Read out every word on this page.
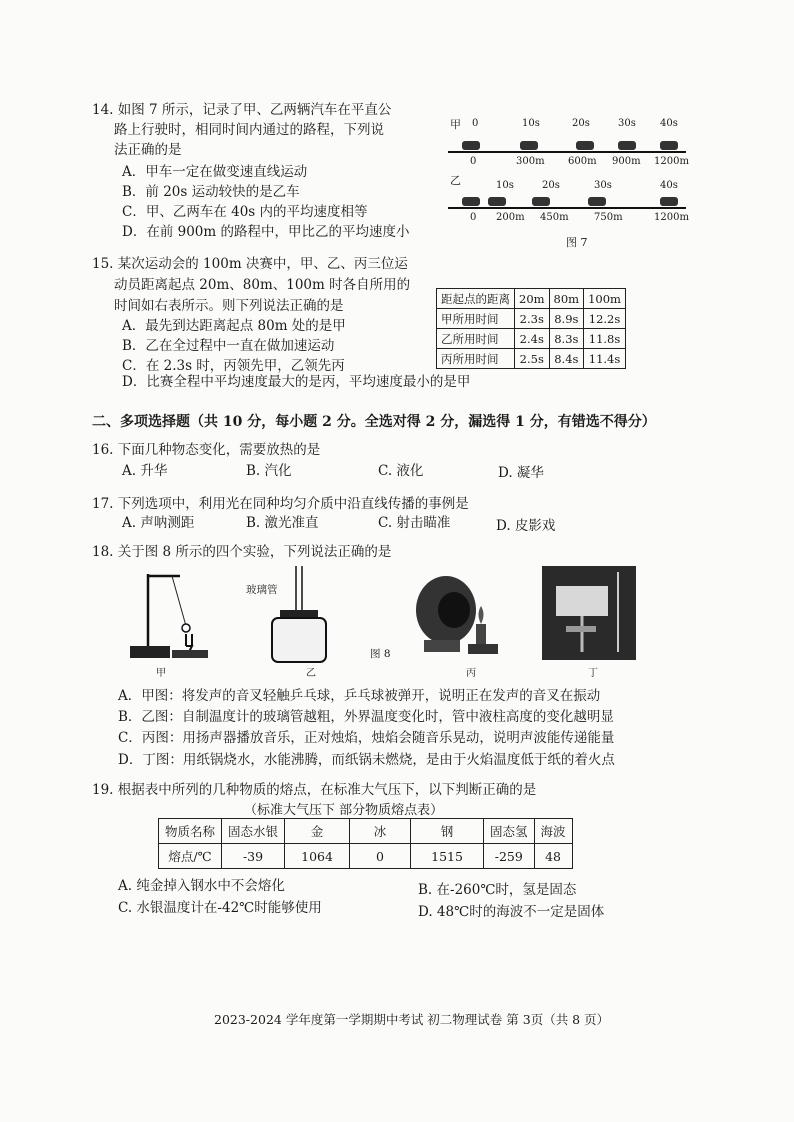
14. 如图 7 所示，记录了甲、乙两辆汽车在平直公
路上行驶时，相同时间内通过的路程，下列说
法正确的是
A．甲车一定在做变速直线运动
B．前 20s 运动较快的是乙车
C．甲、乙两车在 40s 内的平均速度相等
D．在前 900m 的路程中，甲比乙的平均速度小
甲 0	10s	20s	30s 40s
0	300m 600m 900m 1200m
乙	10s	20s	30s	40s
0 200m 450m	750m	1200m
图 7
15. 某次运动会的 100m 决赛中，甲、乙、丙三位运
动员距离起点 20m、80m、100m 时各自所用的
时间如右表所示。则下列说法正确的是
A．最先到达距离起点 80m 处的是甲
B．乙在全过程中一直在做加速运动
C．在 2.3s 时，丙领先甲，乙领先丙
D．比赛全程中平均速度最大的是丙，平均速度最小的是甲
距起点的距离	20m	80m	100m
甲所用时间	2.3s	8.9s	12.2s
乙所用时间	2.4s	8.3s	11.8s
丙所用时间	2.5s	8.4s	11.4s
二、多项选择题（共 10 分，每小题 2 分。全选对得 2 分，漏选得 1 分，有错选不得分）
16. 下面几种物态变化，需要放热的是
A. 升华	B. 汽化	C. 液化	D. 凝华
17. 下列选项中，利用光在同种均匀介质中沿直线传播的事例是
A. 声呐测距	B. 激光准直	C. 射击瞄准	D. 皮影戏
18. 关于图 8 所示的四个实验，下列说法正确的是
玻璃管
图 8
甲	乙	丙	丁
A．甲图：将发声的音叉轻触乒乓球，乒乓球被弹开，说明正在发声的音叉在振动
B．乙图：自制温度计的玻璃管越粗，外界温度变化时，管中液柱高度的变化越明显
C．丙图：用扬声器播放音乐，正对烛焰，烛焰会随音乐晃动，说明声波能传递能量
D．丁图：用纸锅烧水，水能沸腾，而纸锅未燃烧，是由于火焰温度低于纸的着火点
19. 根据表中所列的几种物质的熔点，在标准大气压下，以下判断正确的是
（标准大气压下 部分物质熔点表）
物质名称	固态水银	金	冰	钢	固态氢	海波
熔点/℃	-39	1064	0	1515	-259	48
A. 纯金掉入钢水中不会熔化	B. 在-260℃时，氢是固态
C. 水银温度计在-42℃时能够使用	D. 48℃时的海波不一定是固体
2023-2024 学年度第一学期期中考试 初二物理试卷 第 3页（共 8 页）
